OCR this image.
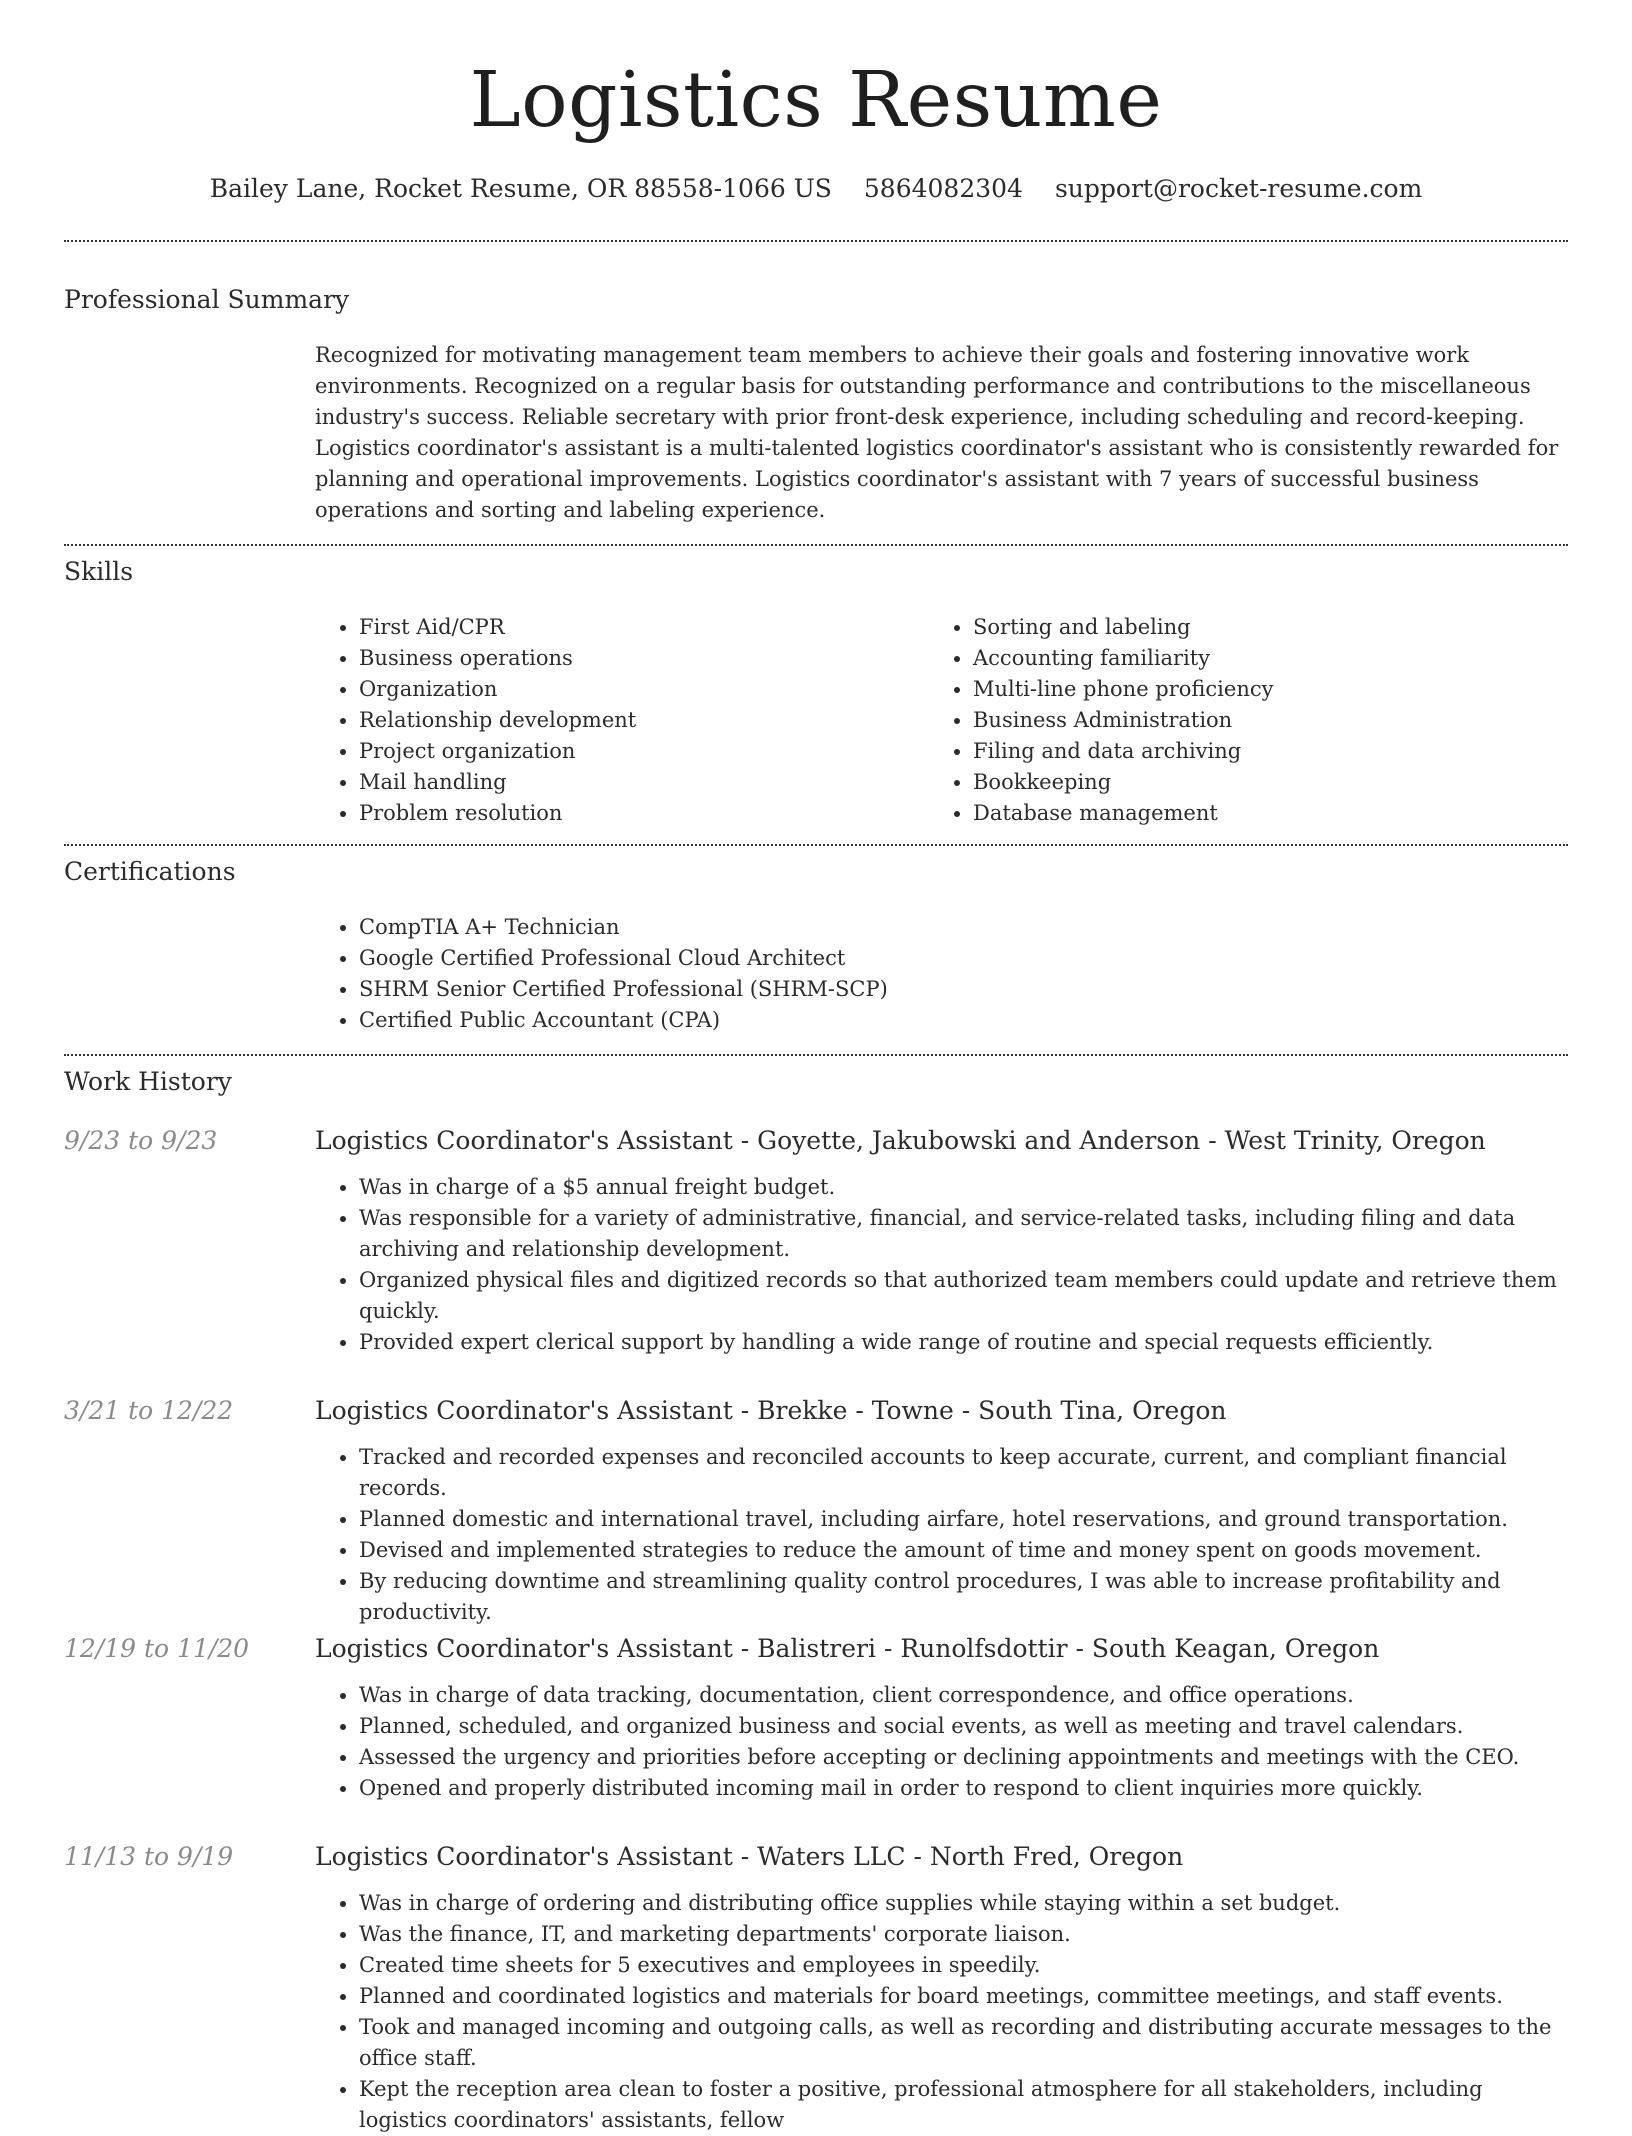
Logistics Resume
Bailey Lane, Rocket Resume, OR 88558-1066 US 5864082304 support@rocket-resume.com
Professional Summary

Recognized for motivating management team members to achieve their goals and fostering innovative work environments. Recognized on a regular basis for outstanding performance and contributions to the miscellaneous industry's success. Reliable secretary with prior front-desk experience, including scheduling and record-keeping. Logistics coordinator's assistant is a multi-talented logistics coordinator's assistant who is consistently rewarded for planning and operational improvements. Logistics coordinator's assistant with 7 years of successful business operations and sorting and labeling experience.

Skills
• First Aid/CPR
• Business operations
• Organization
• Relationship development
• Project organization
• Mail handling
• Problem resolution
• Sorting and labeling
• Accounting familiarity
• Multi-line phone proficiency
• Business Administration
• Filing and data archiving
• Bookkeeping
• Database management
Certifications
• CompTIA A+ Technician
• Google Certified Professional Cloud Architect
• SHRM Senior Certified Professional (SHRM-SCP)
• Certified Public Accountant (CPA)
Work History
9/23 to 9/23	Logistics Coordinator's Assistant - Goyette, Jakubowski and Anderson - West Trinity, Oregon
• Was in charge of a $5 annual freight budget.
• Was responsible for a variety of administrative, financial, and service-related tasks, including filing and data archiving and relationship development.
• Organized physical files and digitized records so that authorized team members could update and retrieve them quickly.
• Provided expert clerical support by handling a wide range of routine and special requests efficiently.
3/21 to 12/22	Logistics Coordinator's Assistant - Brekke - Towne - South Tina, Oregon
• Tracked and recorded expenses and reconciled accounts to keep accurate, current, and compliant financial records.
• Planned domestic and international travel, including airfare, hotel reservations, and ground transportation.
• Devised and implemented strategies to reduce the amount of time and money spent on goods movement.
• By reducing downtime and streamlining quality control procedures, I was able to increase profitability and productivity.
12/19 to 11/20	Logistics Coordinator's Assistant - Balistreri - Runolfsdottir - South Keagan, Oregon
• Was in charge of data tracking, documentation, client correspondence, and office operations.
• Planned, scheduled, and organized business and social events, as well as meeting and travel calendars.
• Assessed the urgency and priorities before accepting or declining appointments and meetings with the CEO.
• Opened and properly distributed incoming mail in order to respond to client inquiries more quickly.
11/13 to 9/19	Logistics Coordinator's Assistant - Waters LLC - North Fred, Oregon
• Was in charge of ordering and distributing office supplies while staying within a set budget.
• Was the finance, IT, and marketing departments' corporate liaison.
• Created time sheets for 5 executives and employees in speedily.
• Planned and coordinated logistics and materials for board meetings, committee meetings, and staff events.
• Took and managed incoming and outgoing calls, as well as recording and distributing accurate messages to the office staff.
• Kept the reception area clean to foster a positive, professional atmosphere for all stakeholders, including logistics coordinators' assistants, fellow
